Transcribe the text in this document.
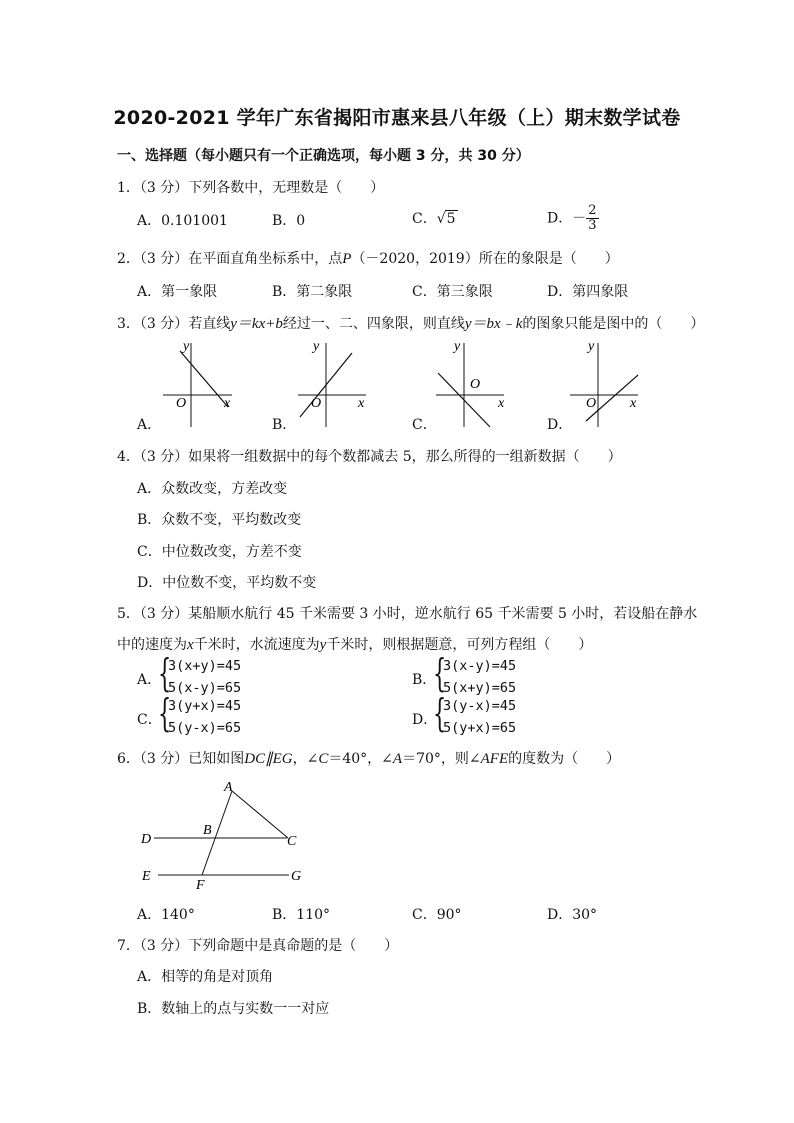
2020-2021 学年广东省揭阳市惠来县八年级（上）期末数学试卷
一、选择题（每小题只有一个正确选项，每小题 3 分，共 30 分）
1．（3 分）下列各数中，无理数是（　　）
A．0.101001	B．0	C．√5	D．－ $\frac{2}{3}$
2．（3 分）在平面直角坐标系中，点P（－2020，2019）所在的象限是（　　）
A．第一象限	B．第二象限	C．第三象限	D．第四象限
3．（3 分）若直线y＝kx+b经过一、二、四象限，则直线y＝bx﹣k的图象只能是图中的（　　）
A．	B．	C．	D．
y
x
O
y
x
O
y
x
O
y
x
O
4．（3 分）如果将一组数据中的每个数都减去 5，那么所得的一组新数据（　　）
A．众数改变，方差改变
B．众数不变，平均数改变
C．中位数改变，方差不变
D．中位数不变，平均数不变
5．（3 分）某船顺水航行 45 千米需要 3 小时，逆水航行 65 千米需要 5 小时，若设船在静水
中的速度为x千米时，水流速度为y千米时，则根据题意，可列方程组（　　）
A．
{
3(x+y)=45
5(x-y)=65	B．
{
3(x-y)=45
5(x+y)=65
C．
{
3(y+x)=45
5(y-x)=65	D．
{
3(y-x)=45
5(y+x)=65
6．（3 分）已知如图DC∥EG，∠C＝40°，∠A＝70°，则∠AFE的度数为（　　）
A
B
C
D
E
F
G
A．140°	B．110°	C．90°	D．30°
7．（3 分）下列命题中是真命题的是（　　）
A．相等的角是对顶角
B．数轴上的点与实数一一对应
